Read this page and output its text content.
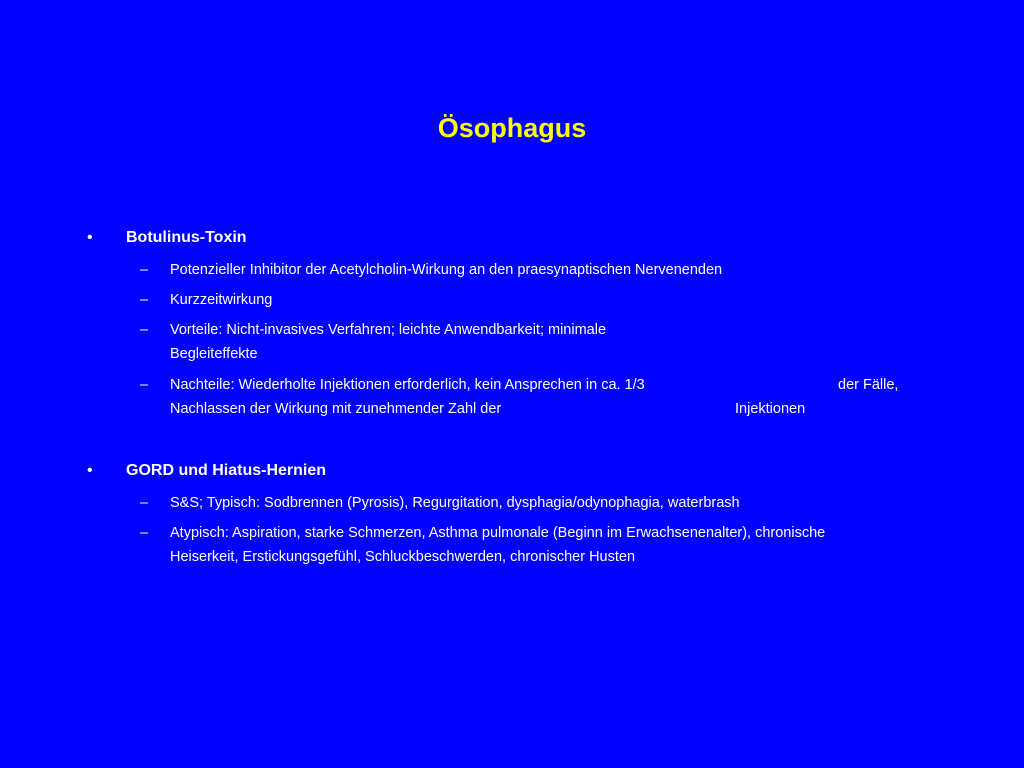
Ösophagus
•	Botulinus-Toxin
– Potenzieller Inhibitor der Acetylcholin-Wirkung an den praesynaptischen Nervenenden
– Kurzzeitwirkung
– Vorteile: Nicht-invasives Verfahren; leichte Anwendbarkeit; minimale
Begleiteffekte
– Nachteile: Wiederholte Injektionen erforderlich, kein Ansprechen in ca. 1/3	der Fälle,
Nachlassen der Wirkung mit zunehmender Zahl der	Injektionen
•	GORD und Hiatus-Hernien
– S&S; Typisch: Sodbrennen (Pyrosis), Regurgitation, dysphagia/odynophagia, waterbrash
– Atypisch: Aspiration, starke Schmerzen, Asthma pulmonale (Beginn im Erwachsenenalter), chronische
Heiserkeit, Erstickungsgefühl, Schluckbeschwerden, chronischer Husten
